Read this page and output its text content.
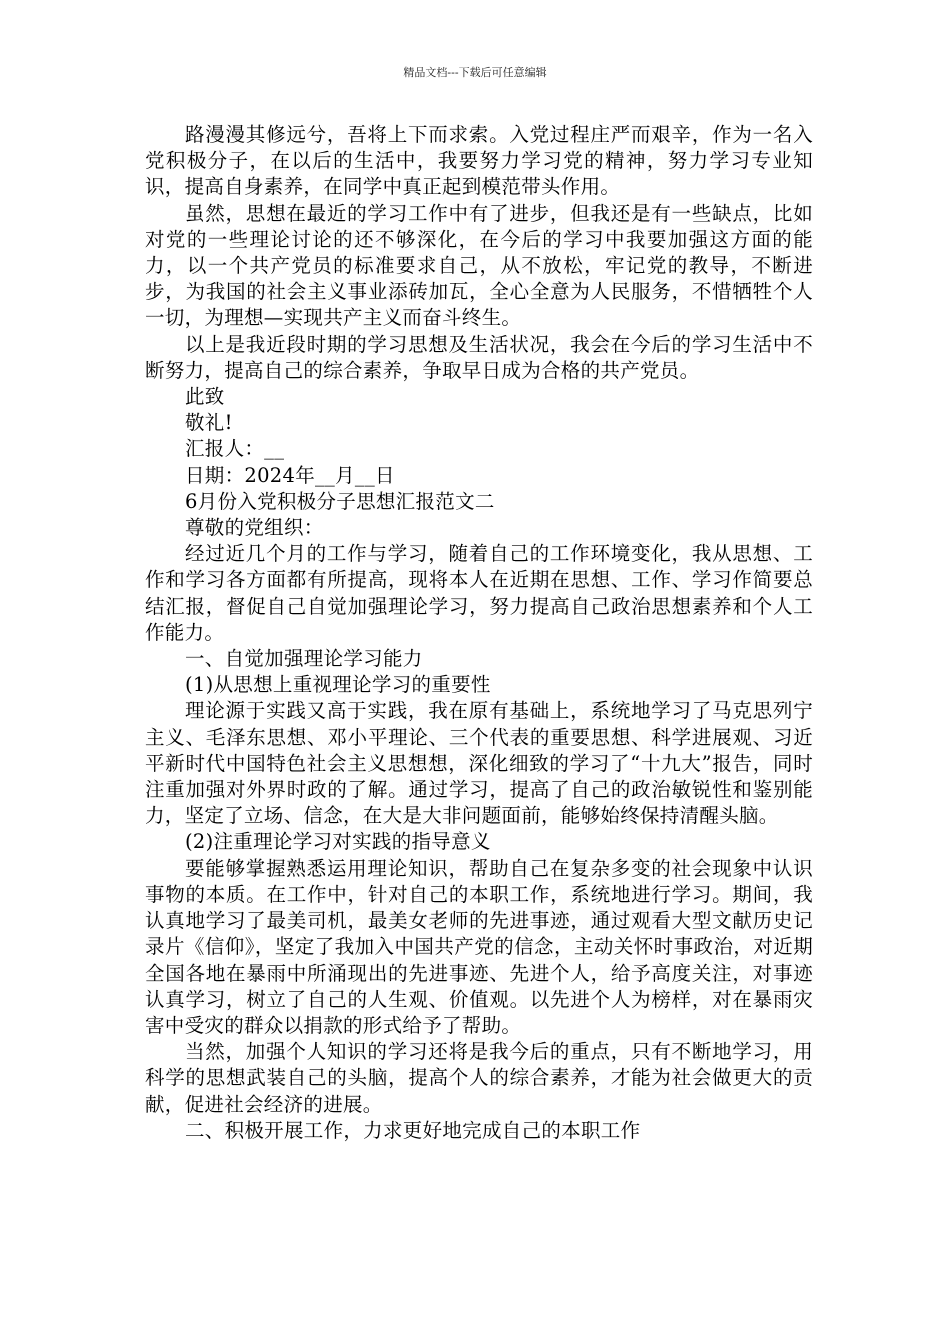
精品文档---下载后可任意编辑

路漫漫其修远兮，吾将上下而求索。入党过程庄严而艰辛，作为一名入党积极分子，在以后的生活中，我要努力学习党的精神，努力学习专业知识，提高自身素养，在同学中真正起到模范带头作用。

虽然，思想在最近的学习工作中有了进步，但我还是有一些缺点，比如对党的一些理论讨论的还不够深化，在今后的学习中我要加强这方面的能力，以一个共产党员的标准要求自己，从不放松，牢记党的教导，不断进步，为我国的社会主义事业添砖加瓦，全心全意为人民服务，不惜牺牲个人一切，为理想—实现共产主义而奋斗终生。

以上是我近段时期的学习思想及生活状况，我会在今后的学习生活中不断努力，提高自己的综合素养，争取早日成为合格的共产党员。

此致

敬礼!

汇报人：__

日期：2024年__月__日

6月份入党积极分子思想汇报范文二

尊敬的党组织：

经过近几个月的工作与学习，随着自己的工作环境变化，我从思想、工作和学习各方面都有所提高，现将本人在近期在思想、工作、学习作简要总结汇报，督促自己自觉加强理论学习，努力提高自己政治思想素养和个人工作能力。

一、自觉加强理论学习能力

(1)从思想上重视理论学习的重要性

理论源于实践又高于实践，我在原有基础上，系统地学习了马克思列宁主义、毛泽东思想、邓小平理论、三个代表的重要思想、科学进展观、习近平新时代中国特色社会主义思想想，深化细致的学习了“十九大”报告，同时注重加强对外界时政的了解。通过学习，提高了自己的政治敏锐性和鉴别能力，坚定了立场、信念，在大是大非问题面前，能够始终保持清醒头脑。

(2)注重理论学习对实践的指导意义

要能够掌握熟悉运用理论知识，帮助自己在复杂多变的社会现象中认识事物的本质。在工作中，针对自己的本职工作，系统地进行学习。期间，我认真地学习了最美司机，最美女老师的先进事迹，通过观看大型文献历史记录片《信仰》，坚定了我加入中国共产党的信念，主动关怀时事政治，对近期全国各地在暴雨中所涌现出的先进事迹、先进个人，给予高度关注，对事迹认真学习，树立了自己的人生观、价值观。以先进个人为榜样，对在暴雨灾害中受灾的群众以捐款的形式给予了帮助。

当然，加强个人知识的学习还将是我今后的重点，只有不断地学习，用科学的思想武装自己的头脑，提高个人的综合素养，才能为社会做更大的贡献，促进社会经济的进展。

二、积极开展工作，力求更好地完成自己的本职工作
